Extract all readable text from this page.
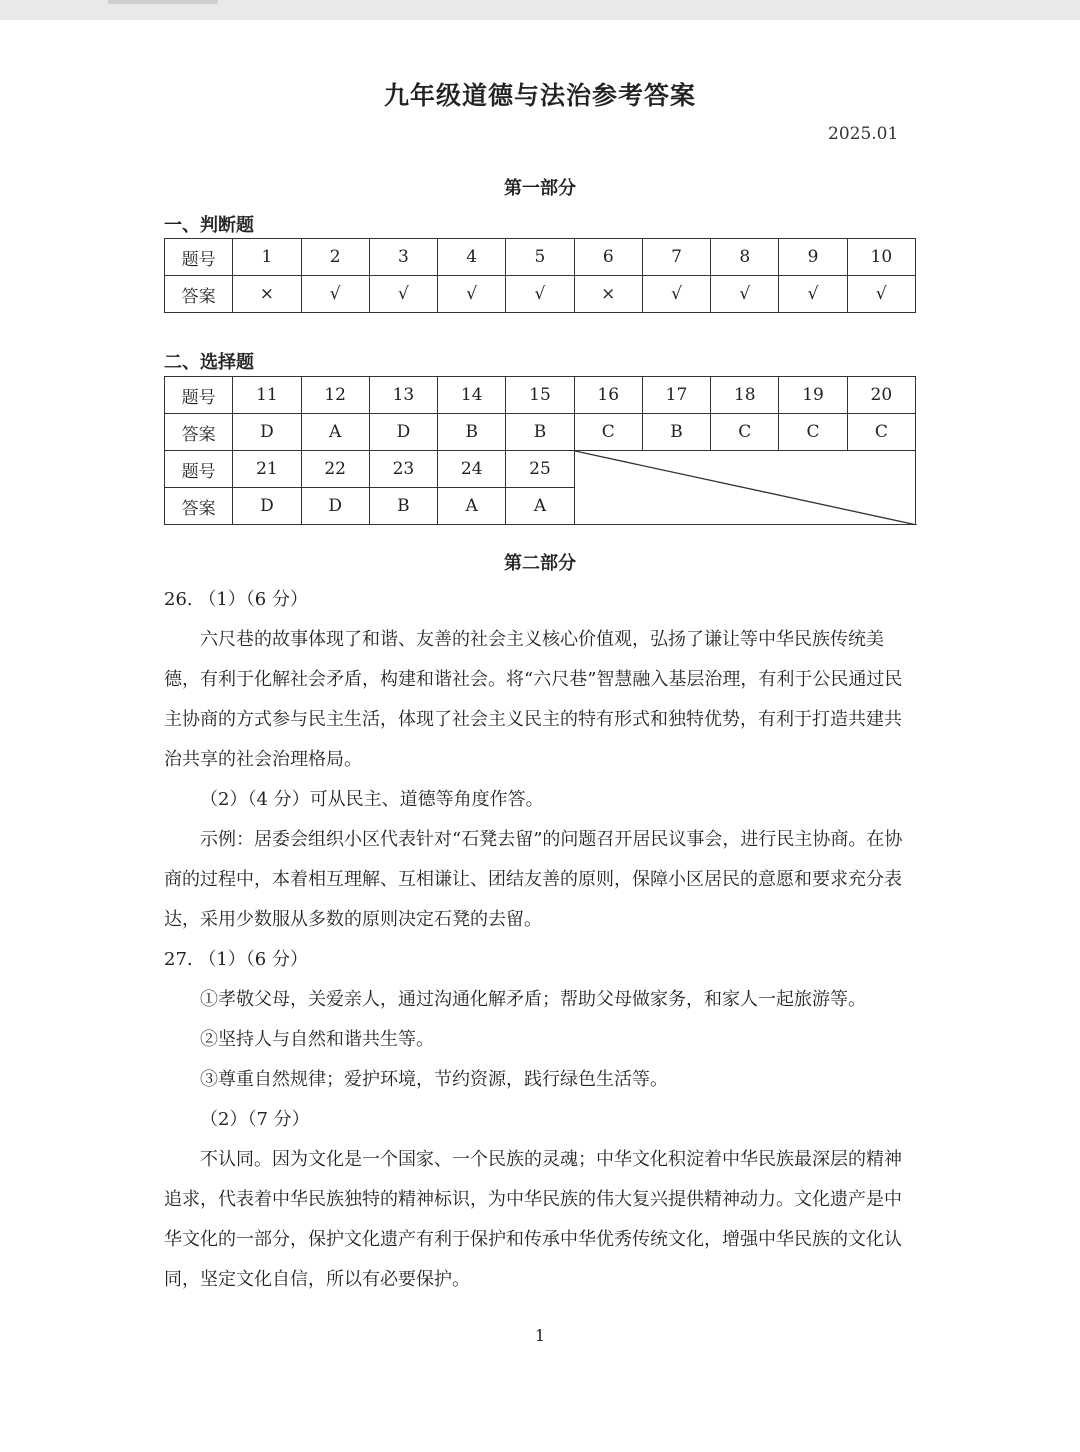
九年级道德与法治参考答案
2025.01
第一部分
一、判断题
题号	1	2	3	4	5	6	7	8	9	10
答案	×	√	√	√	√	×	√	√	√	√
二、选择题
题号	11	12	13	14	15	16	17	18	19	20
答案	D	A	D	B	B	C	B	C	C	C
题号	21	22	23	24	25	

答案	D	D	B	A	A					
第二部分

26. （1）（6 分）

六尺巷的故事体现了和谐、友善的社会主义核心价值观，弘扬了谦让等中华民族传统美德，有利于化解社会矛盾，构建和谐社会。将“六尺巷”智慧融入基层治理，有利于公民通过民主协商的方式参与民主生活，体现了社会主义民主的特有形式和独特优势，有利于打造共建共治共享的社会治理格局。

（2）（4 分）可从民主、道德等角度作答。

示例：居委会组织小区代表针对“石凳去留”的问题召开居民议事会，进行民主协商。在协商的过程中，本着相互理解、互相谦让、团结友善的原则，保障小区居民的意愿和要求充分表达，采用少数服从多数的原则决定石凳的去留。

27. （1）（6 分）

①孝敬父母，关爱亲人，通过沟通化解矛盾；帮助父母做家务，和家人一起旅游等。

②坚持人与自然和谐共生等。

③尊重自然规律；爱护环境，节约资源，践行绿色生活等。

（2）（7 分）

不认同。因为文化是一个国家、一个民族的灵魂；中华文化积淀着中华民族最深层的精神追求，代表着中华民族独特的精神标识，为中华民族的伟大复兴提供精神动力。文化遗产是中华文化的一部分，保护文化遗产有利于保护和传承中华优秀传统文化，增强中华民族的文化认同，坚定文化自信，所以有必要保护。

1
